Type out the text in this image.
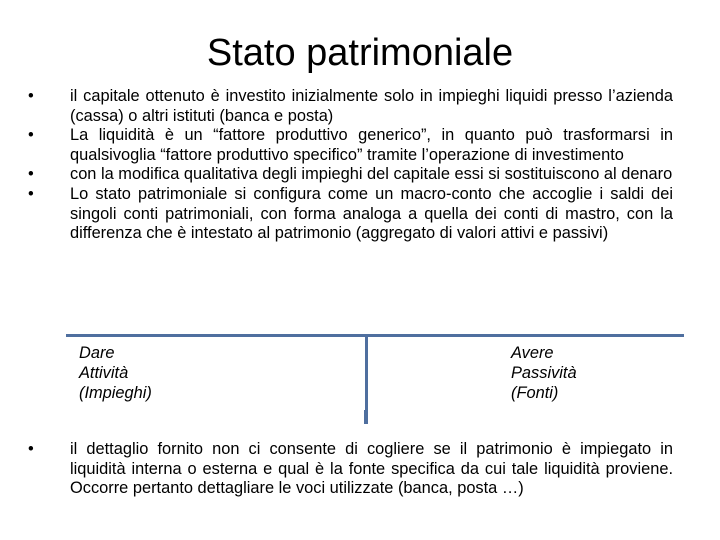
Stato patrimoniale
•	il capitale ottenuto è investito inizialmente solo in impieghi liquidi presso l’azienda (cassa) o altri istituti (banca e posta)
•	La liquidità è un “fattore produttivo generico”, in quanto può trasformarsi in qualsivoglia “fattore produttivo specifico” tramite l’operazione di investimento
•	con la modifica qualitativa degli impieghi del capitale essi si sostituiscono al denaro
•	Lo stato patrimoniale si configura come un macro-conto che accoglie i saldi dei singoli conti patrimoniali, con forma analoga a quella dei conti di mastro, con la differenza che è intestato al patrimonio (aggregato di valori attivi e passivi)
Dare
Attività
(Impieghi)
Avere
Passività
(Fonti)
•	il dettaglio fornito non ci consente di cogliere se il patrimonio è impiegato in liquidità interna o esterna e qual è la fonte specifica da cui tale liquidità proviene. Occorre pertanto dettagliare le voci utilizzate (banca, posta …)
